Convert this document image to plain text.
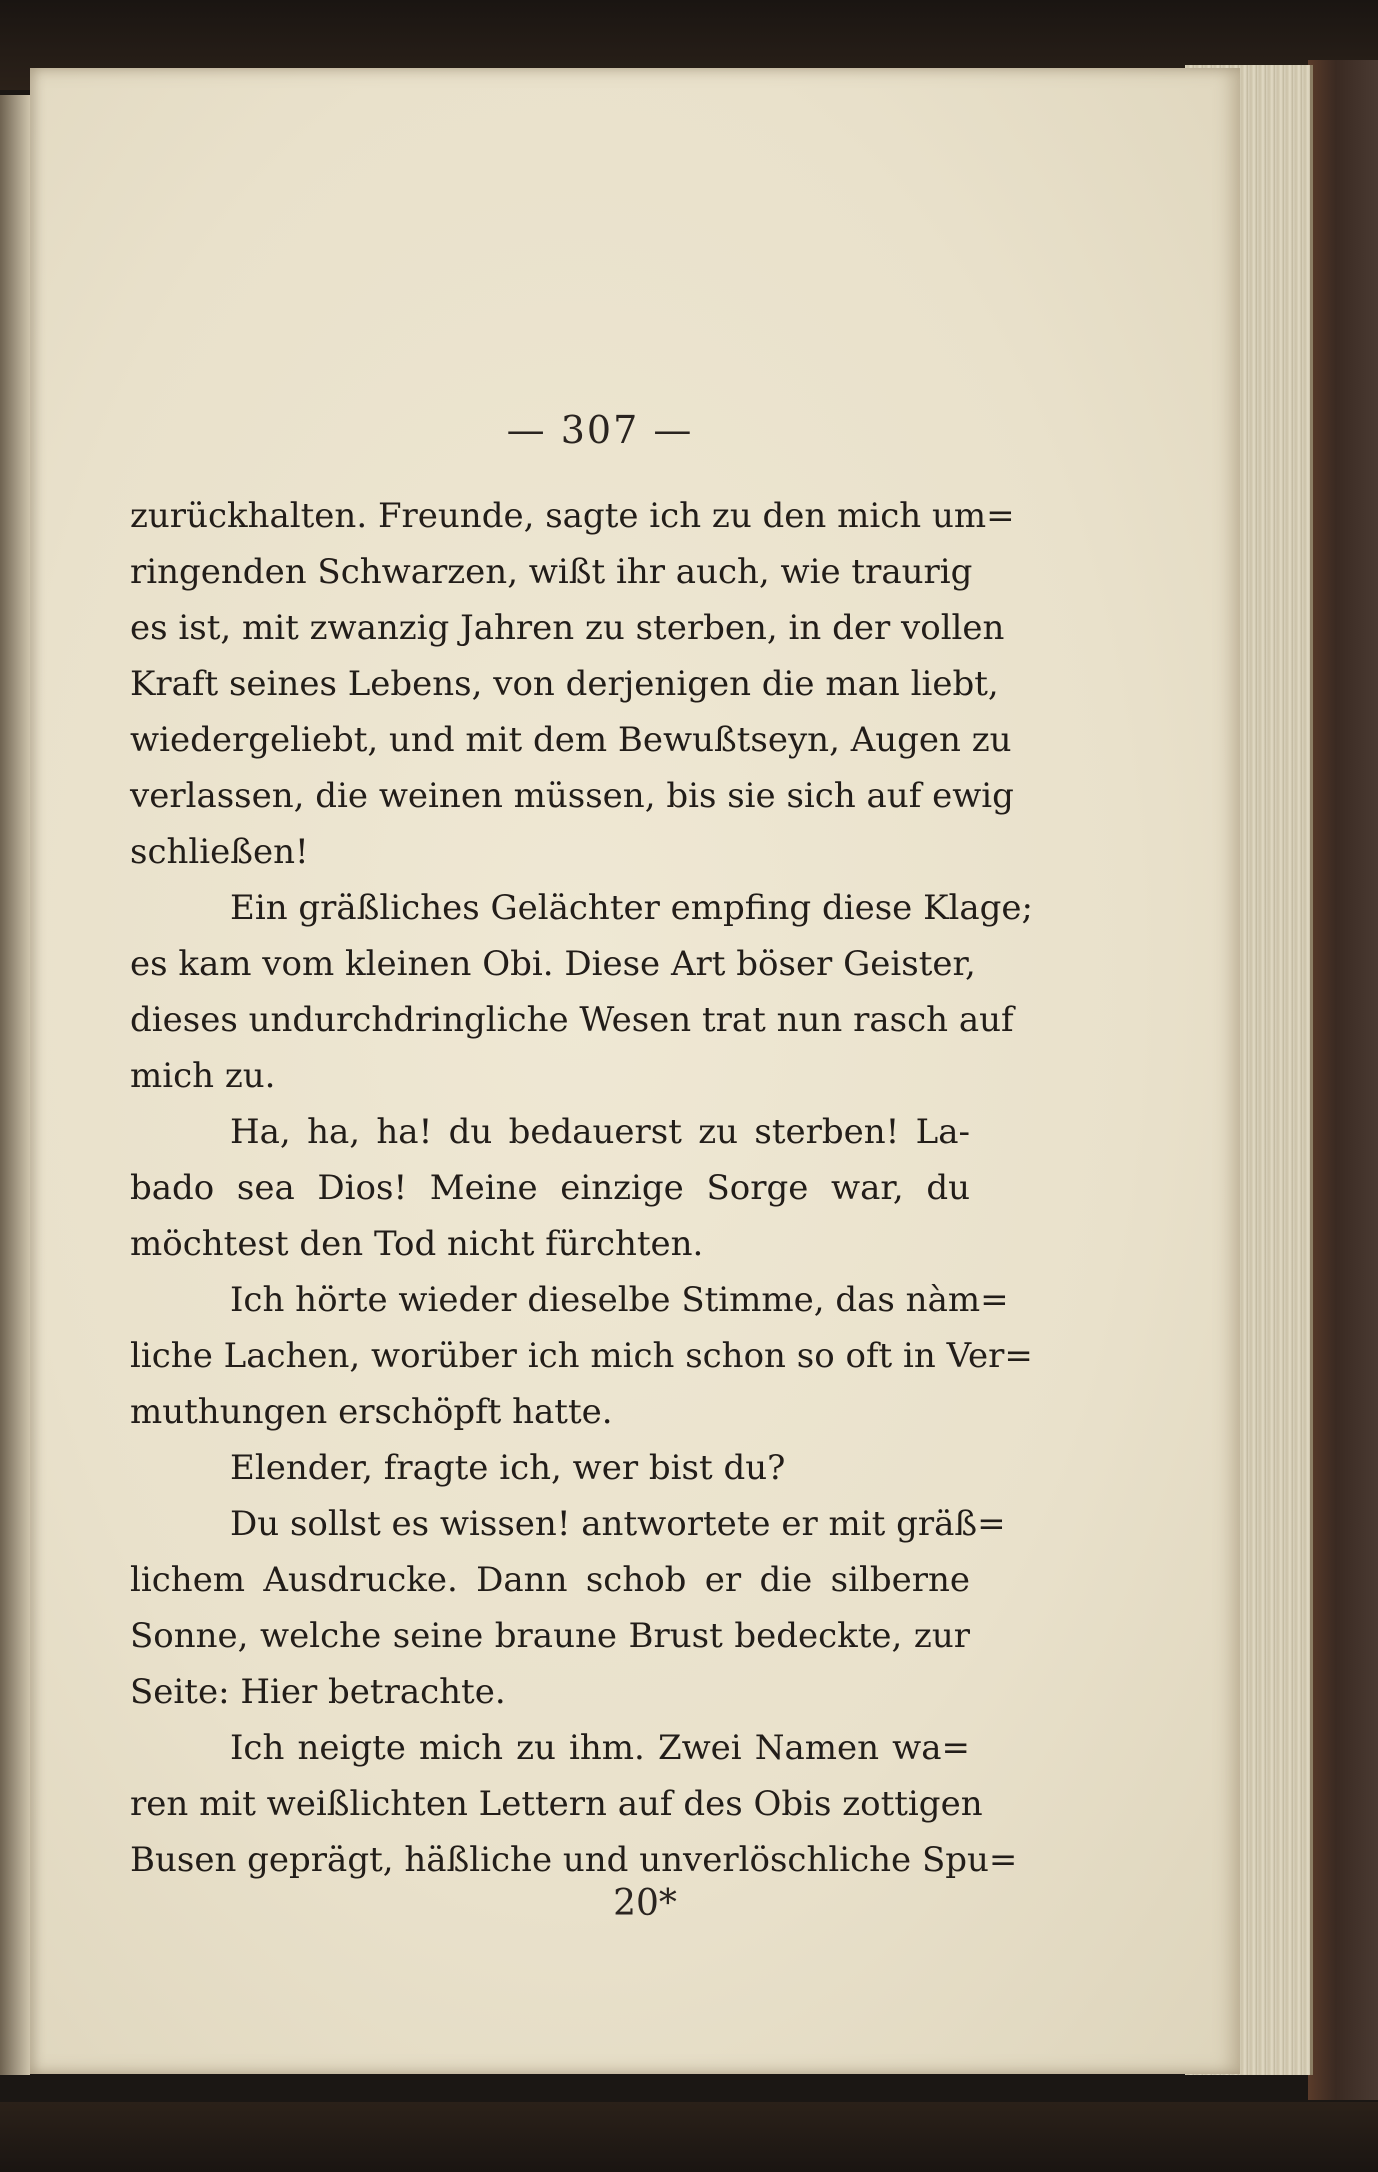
— 307 —
zurückhalten. Freunde, sagte ich zu den mich um=
ringenden Schwarzen, wißt ihr auch, wie traurig
es ist, mit zwanzig Jahren zu sterben, in der vollen
Kraft seines Lebens, von derjenigen die man liebt,
wiedergeliebt, und mit dem Bewußtseyn, Augen zu
verlassen, die weinen müssen, bis sie sich auf ewig
schließen!
Ein gräßliches Gelächter empfing diese Klage;
es kam vom kleinen Obi. Diese Art böser Geister,
dieses undurchdringliche Wesen trat nun rasch auf
mich zu.
Ha, ha, ha! du bedauerst zu sterben! La-
bado sea Dios! Meine einzige Sorge war, du
möchtest den Tod nicht fürchten.
Ich hörte wieder dieselbe Stimme, das nàm=
liche Lachen, worüber ich mich schon so oft in Ver=
muthungen erschöpft hatte.
Elender, fragte ich, wer bist du?
Du sollst es wissen! antwortete er mit gräß=
lichem Ausdrucke. Dann schob er die silberne
Sonne, welche seine braune Brust bedeckte, zur
Seite: Hier betrachte.
Ich neigte mich zu ihm. Zwei Namen wa=
ren mit weißlichten Lettern auf des Obis zottigen
Busen geprägt, häßliche und unverlöschliche Spu=
20*
